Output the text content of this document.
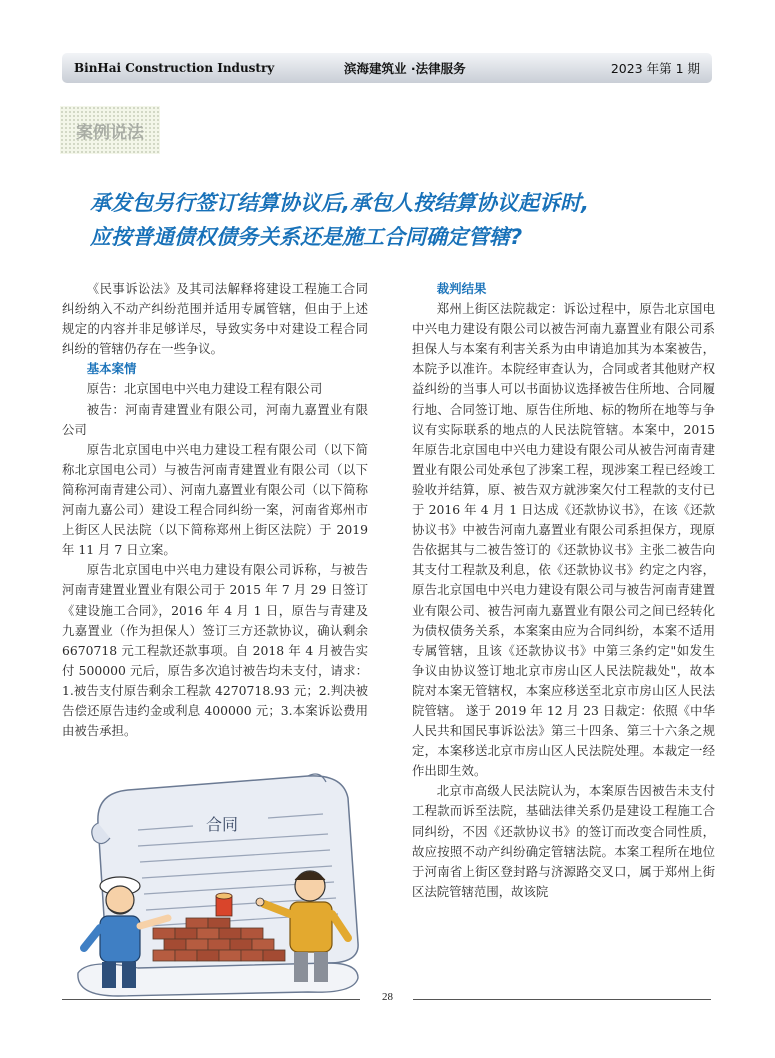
BinHai Construction Industry	滨海建筑业 ·法律服务	2023 年第 1 期
案例说法
承发包另行签订结算协议后,承包人按结算协议起诉时,
应按普通债权债务关系还是施工合同确定管辖?

《民事诉讼法》及其司法解释将建设工程施工合同纠纷纳入不动产纠纷范围并适用专属管辖，但由于上述规定的内容并非足够详尽，导致实务中对建设工程合同纠纷的管辖仍存在一些争议。

基本案情

原告：北京国电中兴电力建设工程有限公司

被告：河南青建置业有限公司，河南九嘉置业有限公司

原告北京国电中兴电力建设工程有限公司（以下简称北京国电公司）与被告河南青建置业有限公司（以下简称河南青建公司）、河南九嘉置业有限公司（以下简称河南九嘉公司）建设工程合同纠纷一案，河南省郑州市上街区人民法院（以下简称郑州上街区法院）于 2019 年 11 月 7 日立案。

原告北京国电中兴电力建设有限公司诉称，与被告河南青建置业置业有限公司于 2015 年 7 月 29 日签订《建设施工合同》，2016 年 4 月 1 日，原告与青建及九嘉置业（作为担保人）签订三方还款协议，确认剩余 6670718 元工程款还款事项。自 2018 年 4 月被告实付 500000 元后，原告多次追讨被告均未支付，请求：1.被告支付原告剩余工程款 4270718.93 元；2.判决被告偿还原告违约金或利息 400000 元；3.本案诉讼费用由被告承担。

裁判结果

郑州上街区法院裁定：诉讼过程中，原告北京国电中兴电力建设有限公司以被告河南九嘉置业有限公司系担保人与本案有利害关系为由申请追加其为本案被告，本院予以准许。本院经审查认为，合同或者其他财产权益纠纷的当事人可以书面协议选择被告住所地、合同履行地、合同签订地、原告住所地、标的物所在地等与争议有实际联系的地点的人民法院管辖。本案中，2015 年原告北京国电中兴电力建设有限公司从被告河南青建置业有限公司处承包了涉案工程，现涉案工程已经竣工验收并结算，原、被告双方就涉案欠付工程款的支付已于 2016 年 4 月 1 日达成《还款协议书》，在该《还款协议书》中被告河南九嘉置业有限公司系担保方，现原告依据其与二被告签订的《还款协议书》主张二被告向其支付工程款及利息，依《还款协议书》约定之内容，原告北京国电中兴电力建设有限公司与被告河南青建置业有限公司、被告河南九嘉置业有限公司之间已经转化为债权债务关系，本案案由应为合同纠纷，本案不适用专属管辖，且该《还款协议书》中第三条约定"如发生争议由协议签订地北京市房山区人民法院裁处"，故本院对本案无管辖权，本案应移送至北京市房山区人民法院管辖。 遂于 2019 年 12 月 23 日裁定：依照《中华人民共和国民事诉讼法》第三十四条、第三十六条之规定，本案移送北京市房山区人民法院处理。本裁定一经作出即生效。

北京市高级人民法院认为，本案原告因被告未支付工程款而诉至法院，基础法律关系仍是建设工程施工合同纠纷，不因《还款协议书》的签订而改变合同性质，故应按照不动产纠纷确定管辖法院。本案工程所在地位于河南省上街区登封路与济源路交叉口，属于郑州上街区法院管辖范围，故该院

合同
28
